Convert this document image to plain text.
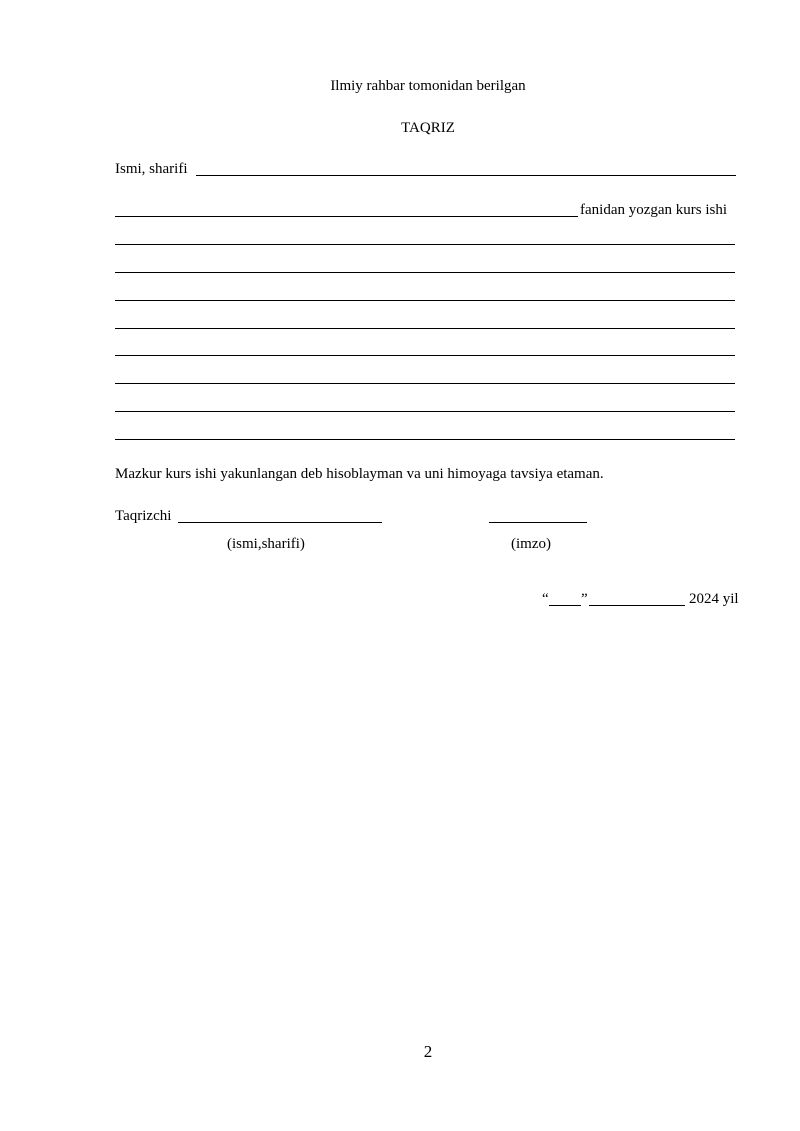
Ilmiy rahbar tomonidan berilgan
TAQRIZ
Ismi, sharifi
fanidan yozgan kurs ishi
Mazkur kurs ishi yakunlangan deb hisoblayman va uni himoyaga tavsiya etaman.
Taqrizchi
(ismi,sharifi)	(imzo)
“ ”	2024 yil
2
